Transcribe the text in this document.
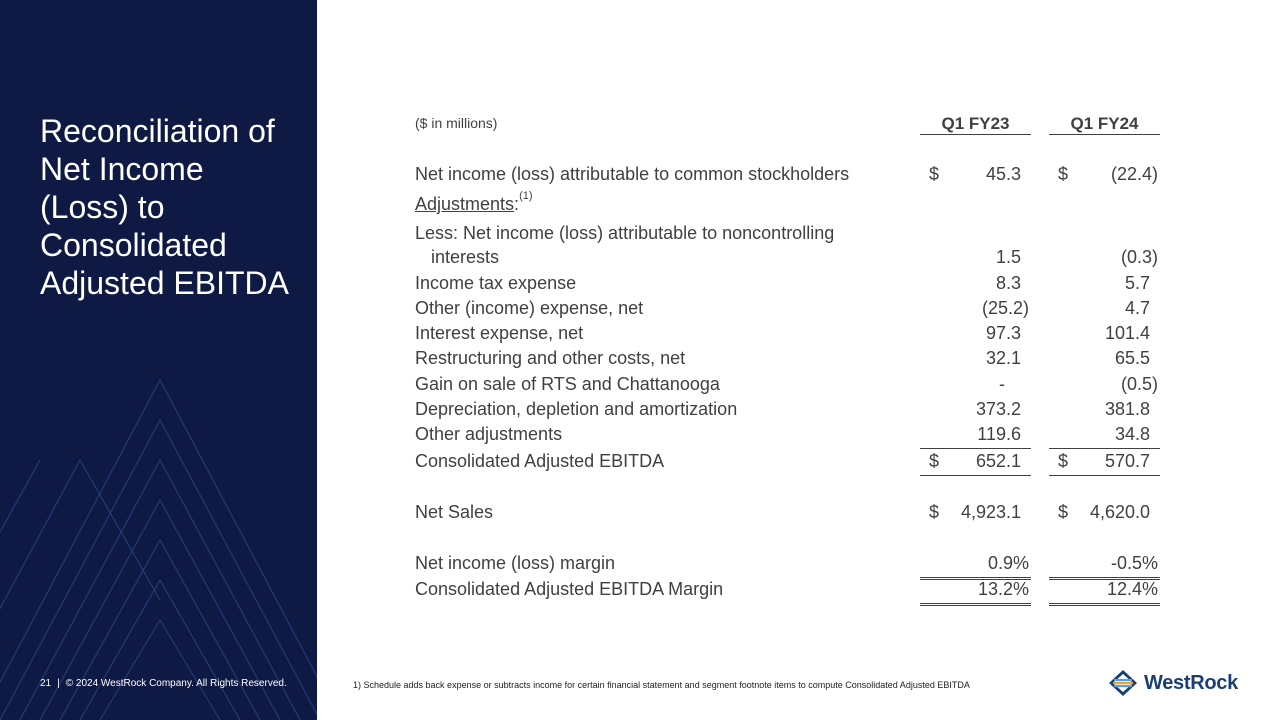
Reconciliation of
Net Income
(Loss) to
Consolidated
Adjusted EBITDA
21 | © 2024 WestRock Company. All Rights Reserved.
($ in millions)	Q1 FY23	Q1 FY24
Net income (loss) attributable to common stockholders	$	45.3 $ (22.4)
Adjustments:$^{(1)}$
Less: Net income (loss) attributable to noncontrolling
interests	1.5	(0.3)
Income tax expense	8.3	5.7
Other (income) expense, net	(25.2)	4.7
Interest expense, net	97.3	101.4
Restructuring and other costs, net	32.1	65.5
Gain on sale of RTS and Chattanooga	-	(0.5)
Depreciation, depletion and amortization	373.2	381.8
Other adjustments	119.6	34.8
Consolidated Adjusted EBITDA	$ 652.1 $ 570.7
Net Sales	$ 4,923.1 $ 4,620.0
Net income (loss) margin	0.9%	-0.5%
Consolidated Adjusted EBITDA Margin	13.2%	12.4%
1) Schedule adds back expense or subtracts income for certain financial statement and segment footnote items to compute Consolidated Adjusted EBITDA	WestRock
